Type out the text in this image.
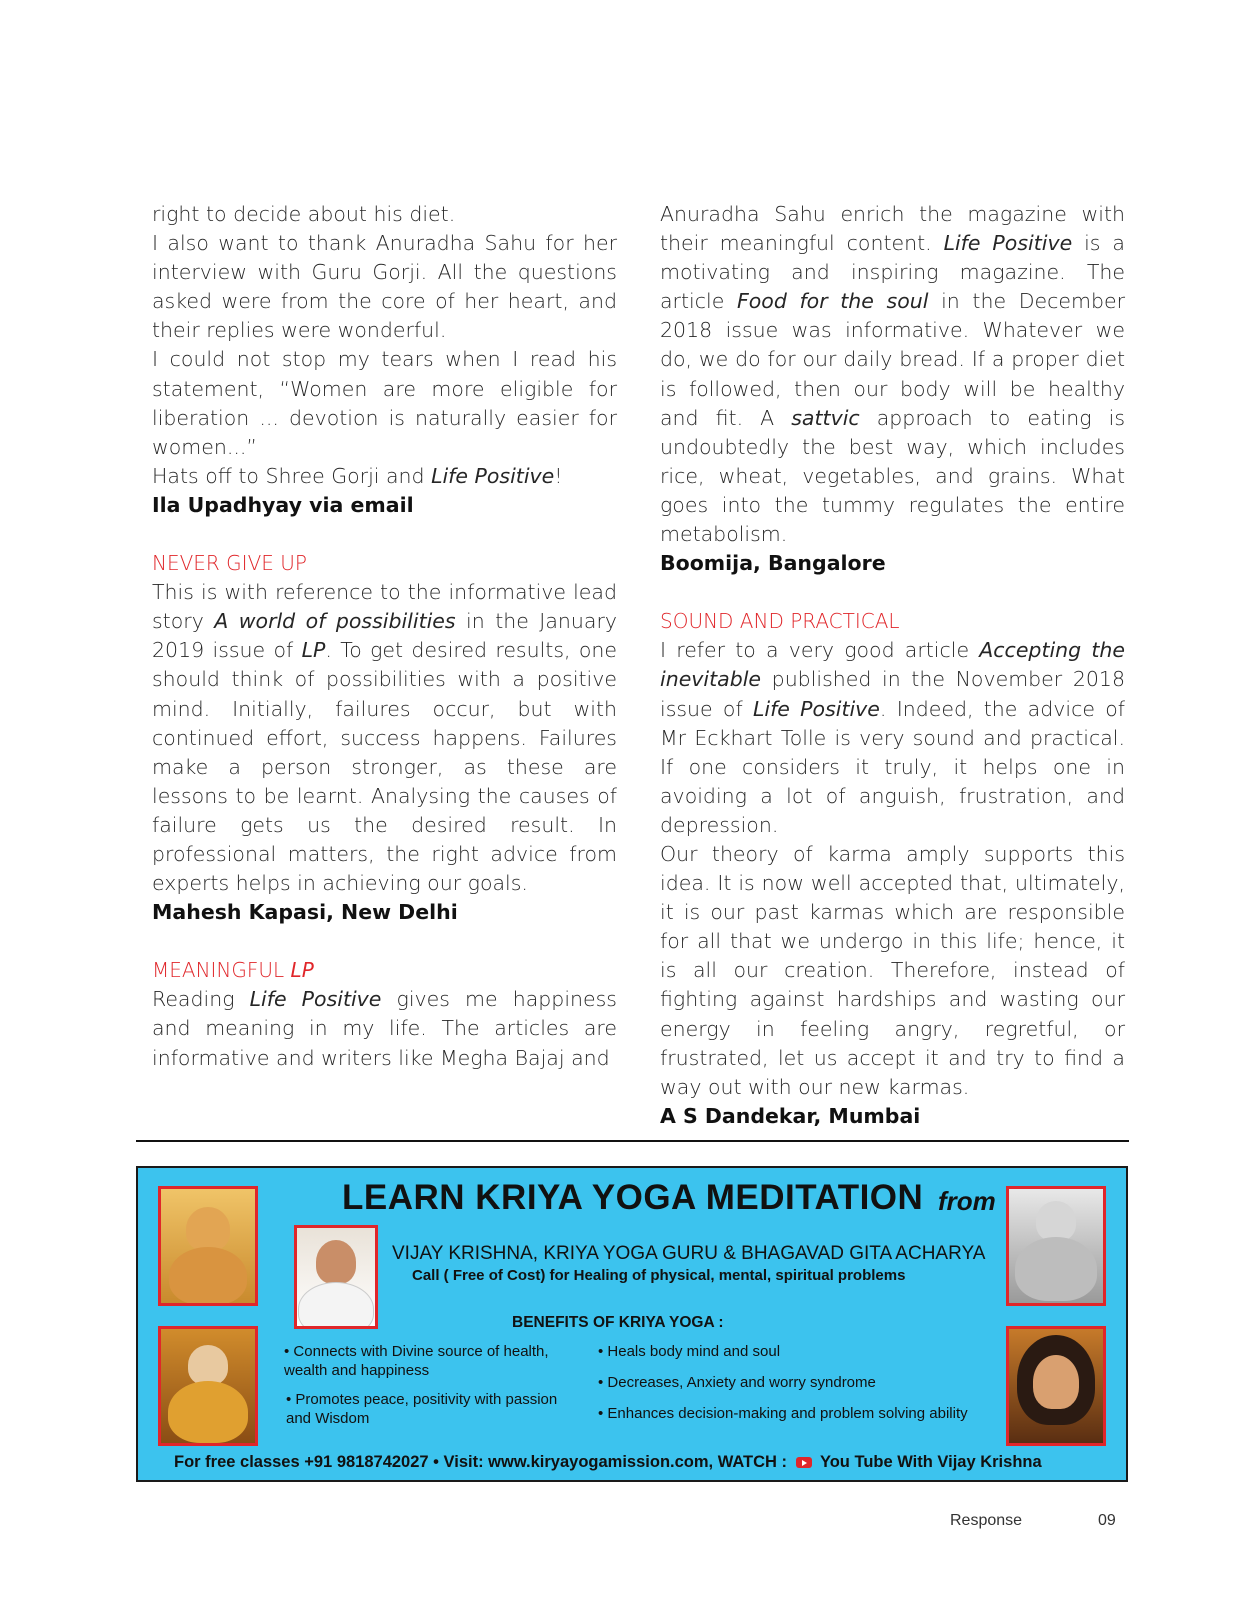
right to decide about his diet.

I also want to thank Anuradha Sahu for her interview with Guru Gorji. All the questions asked were from the core of her heart, and their replies were wonderful.

I could not stop my tears when I read his statement, “Women are more eligible for liberation ... devotion is naturally easier for women...”

Hats off to Shree Gorji and Life Positive!

Ila Upadhyay via email

NEVER GIVE UP

This is with reference to the informative lead story A world of possibilities in the January 2019 issue of LP. To get desired results, one should think of possibilities with a positive mind. Initially, failures occur, but with continued effort, success happens. Failures make a person stronger, as these are lessons to be learnt. Analysing the causes of failure gets us the desired result. In professional matters, the right advice from experts helps in achieving our goals.

Mahesh Kapasi, New Delhi

MEANINGFUL LP

Reading Life Positive gives me happiness and meaning in my life. The articles are informative and writers like Megha Bajaj and

Anuradha Sahu enrich the magazine with their meaningful content. Life Positive is a motivating and inspiring magazine. The article Food for the soul in the December 2018 issue was informative. Whatever we do, we do for our daily bread. If a proper diet is followed, then our body will be healthy and fit. A sattvic approach to eating is undoubtedly the best way, which includes rice, wheat, vegetables, and grains. What goes into the tummy regulates the entire metabolism.

Boomija, Bangalore

SOUND AND PRACTICAL

I refer to a very good article Accepting the inevitable published in the November 2018 issue of Life Positive. Indeed, the advice of Mr Eckhart Tolle is very sound and practical. If one considers it truly, it helps one in avoiding a lot of anguish, frustration, and depression.

Our theory of karma amply supports this idea. It is now well accepted that, ultimately, it is our past karmas which are responsible for all that we undergo in this life; hence, it is all our creation. Therefore, instead of fighting against hardships and wasting our energy in feeling angry, regretful, or frustrated, let us accept it and try to find a way out with our new karmas.

A S Dandekar, Mumbai

LEARN KRIYA YOGA MEDITATION from
VIJAY KRISHNA, KRIYA YOGA GURU & BHAGAVAD GITA ACHARYA
Call ( Free of Cost) for Healing of physical, mental, spiritual problems
BENEFITS OF KRIYA YOGA :
• Connects with Divine source of health, wealth and happiness
• Promotes peace, positivity with passion and Wisdom
• Heals body mind and soul
• Decreases, Anxiety and worry syndrome
• Enhances decision-making and problem solving ability
For free classes +91 9818742027 • Visit: www.kiryayogamission.com, WATCH : You Tube With Vijay Krishna
Response	09
